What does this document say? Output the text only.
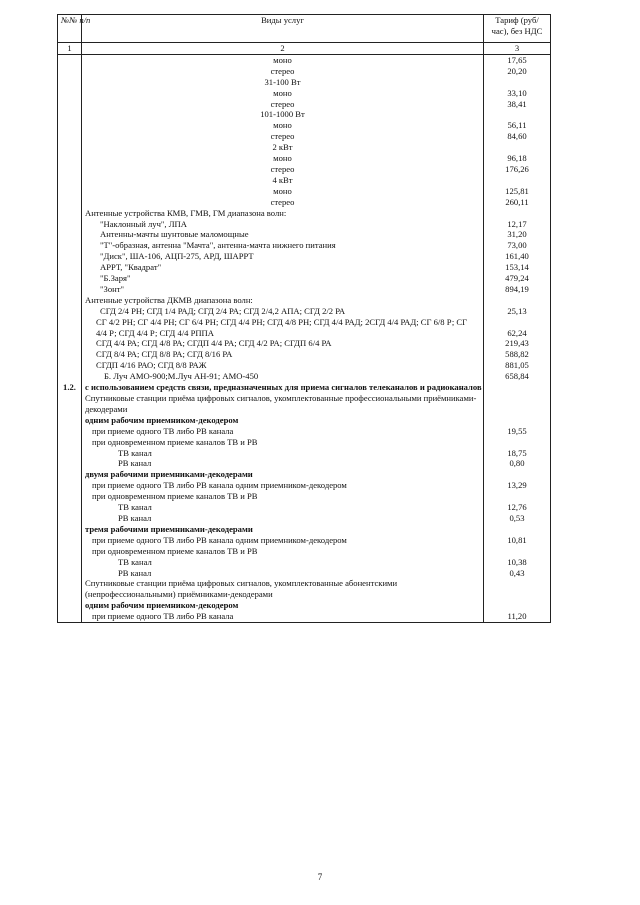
№№ п/п	Виды услуг	Тариф (руб/час), без НДС
1	2	3
	моно	17,65
	стерео	20,20
	31-100 Вт	
	моно	33,10
	стерео	38,41
	101-1000 Вт	
	моно	56,11
	стерео	84,60
	2 кВт	
	моно	96,18
	стерео	176,26
	4 кВт	
	моно	125,81
	стерео	260,11
	Антенные устройства КМВ, ГМВ, ГМ диапазона волн:	
	"Наклонный луч", ЛПА	12,17
	Антенны-мачты шунтовые маломощные	31,20
	"Т"-образная, антенна "Мачта", антенна-мачта нижнего питания	73,00
	"Диск", ША-106, АЦП-275, АРД, ШАРРТ	161,40
	АРРТ, "Квадрат"	153,14
	"Б.Заря"	479,24
	"Зонт"	894,19
	Антенные устройства ДКМВ диапазона волн:	
	СГД 2/4 РН; СГД 1/4 РАД; СГД 2/4 РА; СГД 2/4,2 АПА; СГД 2/2 РА	25,13
	СГ 4/2 РН; СГ 4/4 РН; СГ 6/4 РН; СГД 4/4 РН; СГД 4/8 РН; СГД 4/4 РАД; 2СГД 4/4 РАД; СГ 6/8 Р; СГ 4/4 Р; СГД 4/4 Р; СГД 4/4 РППА	62,24
	СГД 4/4 РА; СГД 4/8 РА; СГДП 4/4 РА; СГД 4/2 РА; СГДП 6/4 РА	219,43
	СГД 8/4 РА; СГД 8/8 РА; СГД 8/16 РА	588,82
	СГДП 4/16 РАО; СГД 8/8 РАЖ	881,05
	Б. Луч АМО-900;М.Луч АН-91; АМО-450	658,84
1.2.	с использованием средств связи, предназначенных для приема сигналов телеканалов и радиоканалов	
	Спутниковые станции приёма цифровых сигналов, укомплектованные профессиональными приёмниками-декодерами	
	одним рабочим приемником-декодером	
	при приеме одного ТВ либо РВ канала	19,55
	при одновременном приеме каналов ТВ и РВ	
	ТВ канал	18,75
	РВ канал	0,80
	двумя рабочими приемниками-декодерами	
	при приеме одного ТВ либо РВ канала одним приемником-декодером	13,29
	при одновременном приеме каналов ТВ и РВ	
	ТВ канал	12,76
	РВ канал	0,53
	тремя рабочими приемниками-декодерами	
	при приеме одного ТВ либо РВ канала одним приемником-декодером	10,81
	при одновременном приеме каналов ТВ и РВ	
	ТВ канал	10,38
	РВ канал	0,43
	Спутниковые станции приёма цифровых сигналов, укомплектованные абонентскими (непрофессиональными) приёмниками-декодерами	
	одним рабочим приемником-декодером	
	при приеме одного ТВ либо РВ канала	11,20
7
